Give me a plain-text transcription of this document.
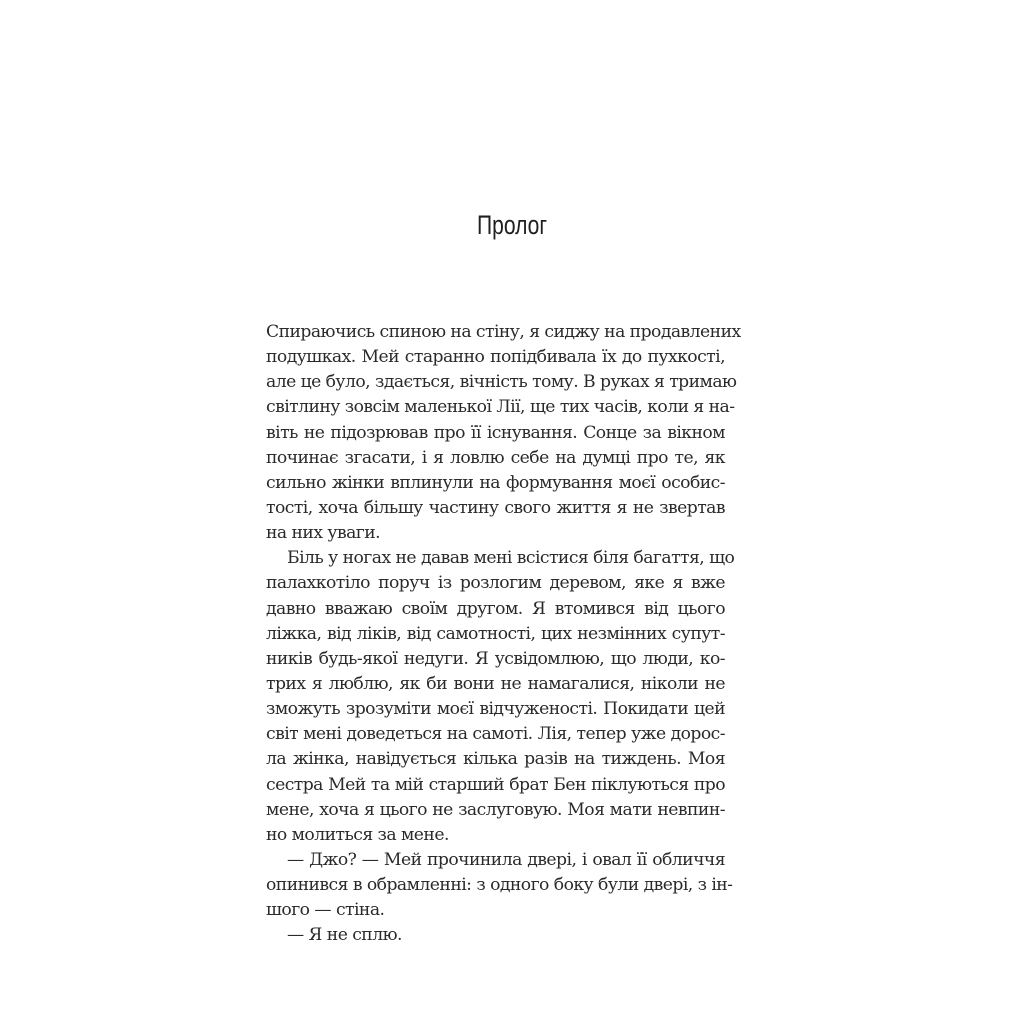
Пролог
Спираючись спиною на стіну, я сиджу на продавлених
подушках. Мей старанно попідбивала їх до пухкості,
але це було, здається, вічність тому. В руках я тримаю
світлину зовсім маленької Лії, ще тих часів, коли я на-
віть не підозрював про її існування. Сонце за вікном
починає згасати, і я ловлю себе на думці про те, як
сильно жінки вплинули на формування моєї особис-
тості, хоча більшу частину свого життя я не звертав
на них уваги.
Біль у ногах не давав мені всістися біля багаття, що
палахкотіло поруч із розлогим деревом, яке я вже
давно вважаю своїм другом. Я втомився від цього
ліжка, від ліків, від самотності, цих незмінних супут-
ників будь-якої недуги. Я усвідомлюю, що люди, ко-
трих я люблю, як би вони не намагалися, ніколи не
зможуть зрозуміти моєї відчуженості. Покидати цей
світ мені доведеться на самоті. Лія, тепер уже дорос-
ла жінка, навідується кілька разів на тиждень. Моя
сестра Мей та мій старший брат Бен піклуються про
мене, хоча я цього не заслуговую. Моя мати невпин-
но молиться за мене.
— Джо? — Мей прочинила двері, і овал її обличчя
опинився в обрамленні: з одного боку були двері, з ін-
шого — стіна.
— Я не сплю.
